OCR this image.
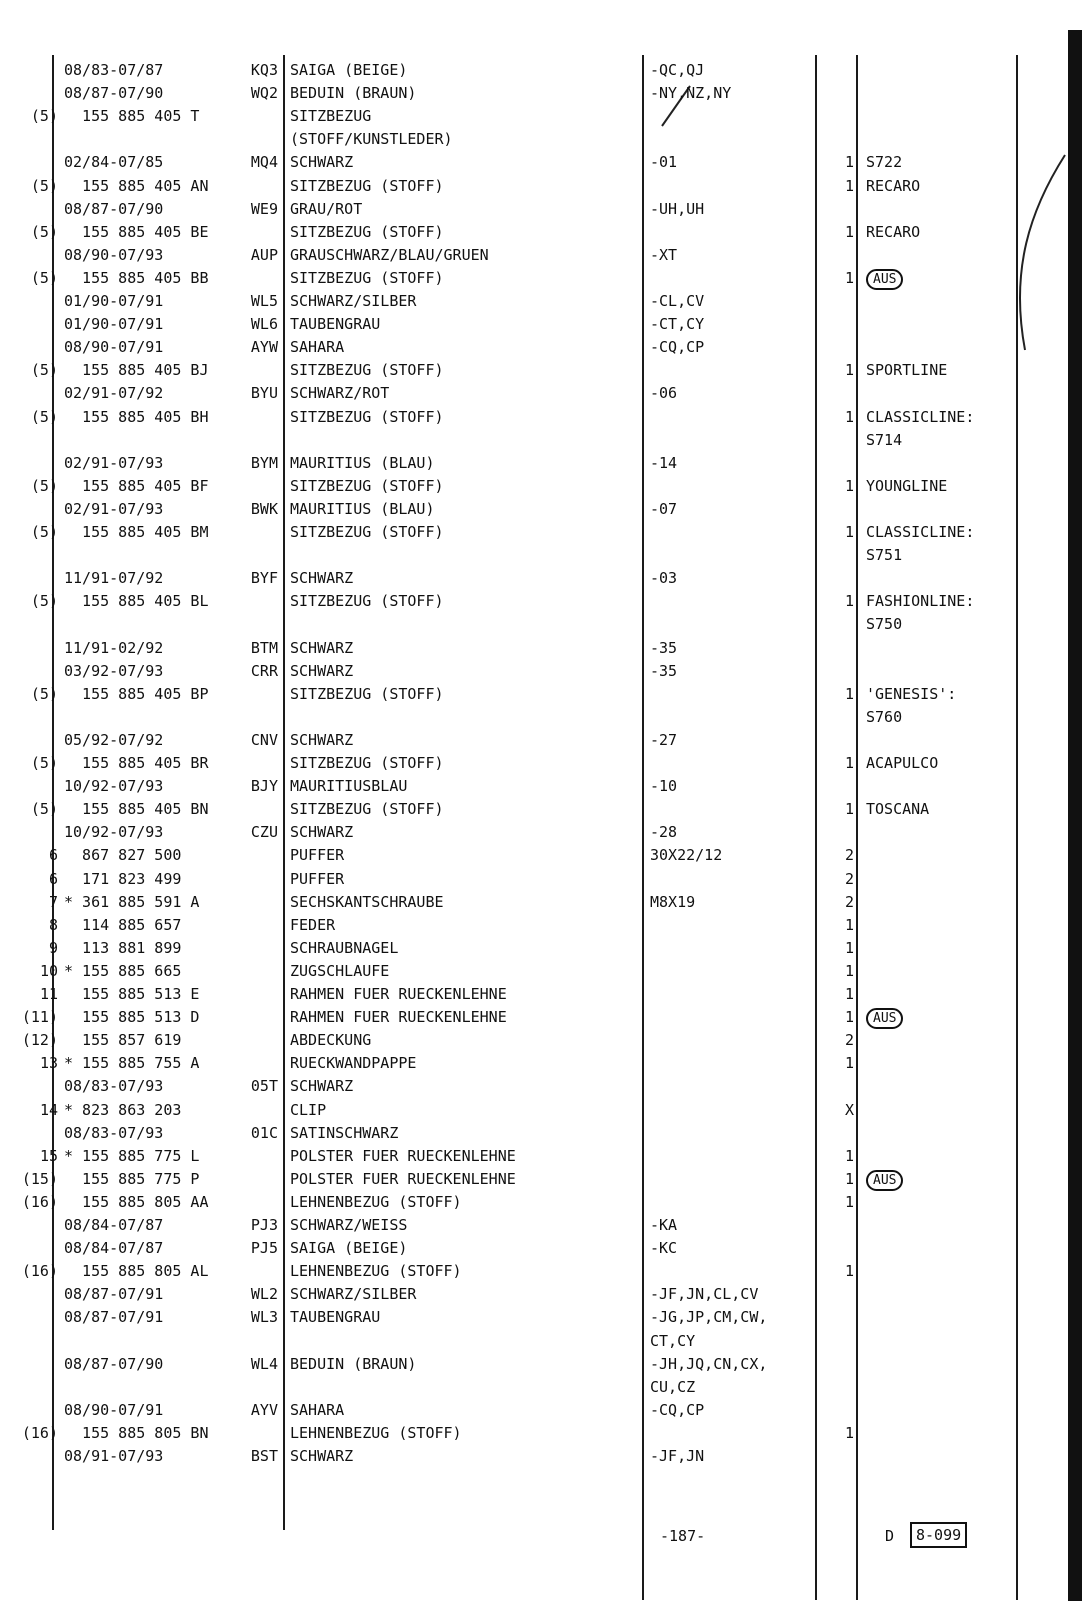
08/83-07/87	KQ3 SAIGA (BEIGE)	-QC,QJ
08/87-07/90	WQ2 BEDUIN (BRAUN)	-NY,NZ,NY
(5) 155 885 405 T	SITZBEZUG
(STOFF/KUNSTLEDER)
02/84-07/85	MQ4 SCHWARZ	-01	1 S722
(5) 155 885 405 AN	SITZBEZUG (STOFF)	1 RECARO
08/87-07/90	WE9 GRAU/ROT	-UH,UH
(5) 155 885 405 BE	SITZBEZUG (STOFF)	1 RECARO
08/90-07/93	AUP GRAUSCHWARZ/BLAU/GRUEN	-XT
(5) 155 885 405 BB	SITZBEZUG (STOFF)	1	AUS
01/90-07/91	WL5 SCHWARZ/SILBER	-CL,CV
01/90-07/91	WL6 TAUBENGRAU	-CT,CY
08/90-07/91	AYW SAHARA	-CQ,CP
(5) 155 885 405 BJ	SITZBEZUG (STOFF)	1 SPORTLINE
02/91-07/92	BYU SCHWARZ/ROT	-06
(5) 155 885 405 BH	SITZBEZUG (STOFF)	1 CLASSICLINE:
S714
02/91-07/93	BYM MAURITIUS (BLAU)	-14
(5) 155 885 405 BF	SITZBEZUG (STOFF)	1 YOUNGLINE
02/91-07/93	BWK MAURITIUS (BLAU)	-07
(5) 155 885 405 BM	SITZBEZUG (STOFF)	1 CLASSICLINE:
S751
11/91-07/92	BYF SCHWARZ	-03
(5) 155 885 405 BL	SITZBEZUG (STOFF)	1 FASHIONLINE:
S750
11/91-02/92	BTM SCHWARZ	-35
03/92-07/93	CRR SCHWARZ	-35
(5) 155 885 405 BP	SITZBEZUG (STOFF)	1 'GENESIS':
S760
05/92-07/92	CNV SCHWARZ	-27
(5) 155 885 405 BR	SITZBEZUG (STOFF)	1 ACAPULCO
10/92-07/93	BJY MAURITIUSBLAU	-10
(5) 155 885 405 BN	SITZBEZUG (STOFF)	1 TOSCANA
10/92-07/93	CZU SCHWARZ	-28
6 867 827 500	PUFFER	30X22/12	2
6 171 823 499	PUFFER	2
7 * 361 885 591 A	SECHSKANTSCHRAUBE	M8X19	2
8 114 885 657	FEDER	1
9 113 881 899	SCHRAUBNAGEL	1
10 * 155 885 665	ZUGSCHLAUFE	1
11 155 885 513 E	RAHMEN FUER RUECKENLEHNE	1
(11) 155 885 513 D	RAHMEN FUER RUECKENLEHNE	1	AUS
(12) 155 857 619	ABDECKUNG	2
13 * 155 885 755 A	RUECKWANDPAPPE	1
08/83-07/93	05T SCHWARZ
14 * 823 863 203	CLIP	X
08/83-07/93	01C SATINSCHWARZ
15 * 155 885 775 L	POLSTER FUER RUECKENLEHNE	1
(15) 155 885 775 P	POLSTER FUER RUECKENLEHNE	1	AUS
(16) 155 885 805 AA	LEHNENBEZUG (STOFF)	1
08/84-07/87	PJ3 SCHWARZ/WEISS	-KA
08/84-07/87	PJ5 SAIGA (BEIGE)	-KC
(16) 155 885 805 AL	LEHNENBEZUG (STOFF)	1
08/87-07/91	WL2 SCHWARZ/SILBER	-JF,JN,CL,CV
08/87-07/91	WL3 TAUBENGRAU	-JG,JP,CM,CW,
CT,CY
08/87-07/90	WL4 BEDUIN (BRAUN)	-JH,JQ,CN,CX,
CU,CZ
08/90-07/91	AYV SAHARA	-CQ,CP
(16) 155 885 805 BN	LEHNENBEZUG (STOFF)	1
08/91-07/93	BST SCHWARZ	-JF,JN
-187-	D	8-099
